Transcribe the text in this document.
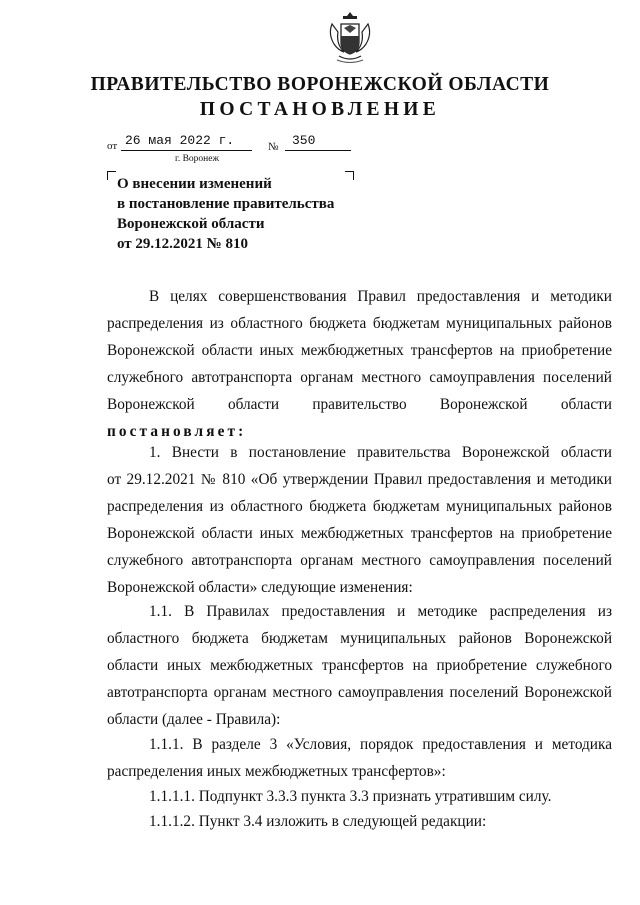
ПРАВИТЕЛЬСТВО ВОРОНЕЖСКОЙ ОБЛАСТИ
ПОСТАНОВЛЕНИЕ
от 26 мая 2022 г.	№ 350
г. Воронеж
О внесении изменений
в постановление правительства
Воронежской области
от 29.12.2021 № 810
В целях совершенствования Правил предоставления и методики
распределения из областного бюджета бюджетам муниципальных районов
Воронежской области иных межбюджетных трансфертов на приобретение
служебного автотранспорта органам местного самоуправления поселений
Воронежской области правительство Воронежской области
постановляет:
1. Внести в постановление правительства Воронежской области
от 29.12.2021 № 810 «Об утверждении Правил предоставления и методики
распределения из областного бюджета бюджетам муниципальных районов
Воронежской области иных межбюджетных трансфертов на приобретение
служебного автотранспорта органам местного самоуправления поселений
Воронежской области» следующие изменения:
1.1. В Правилах предоставления и методике распределения из
областного бюджета бюджетам муниципальных районов Воронежской
области иных межбюджетных трансфертов на приобретение служебного
автотранспорта органам местного самоуправления поселений Воронежской
области (далее - Правила):
1.1.1. В разделе 3 «Условия, порядок предоставления и методика
распределения иных межбюджетных трансфертов»:
1.1.1.1. Подпункт 3.3.3 пункта 3.3 признать утратившим силу.
1.1.1.2. Пункт 3.4 изложить в следующей редакции:
